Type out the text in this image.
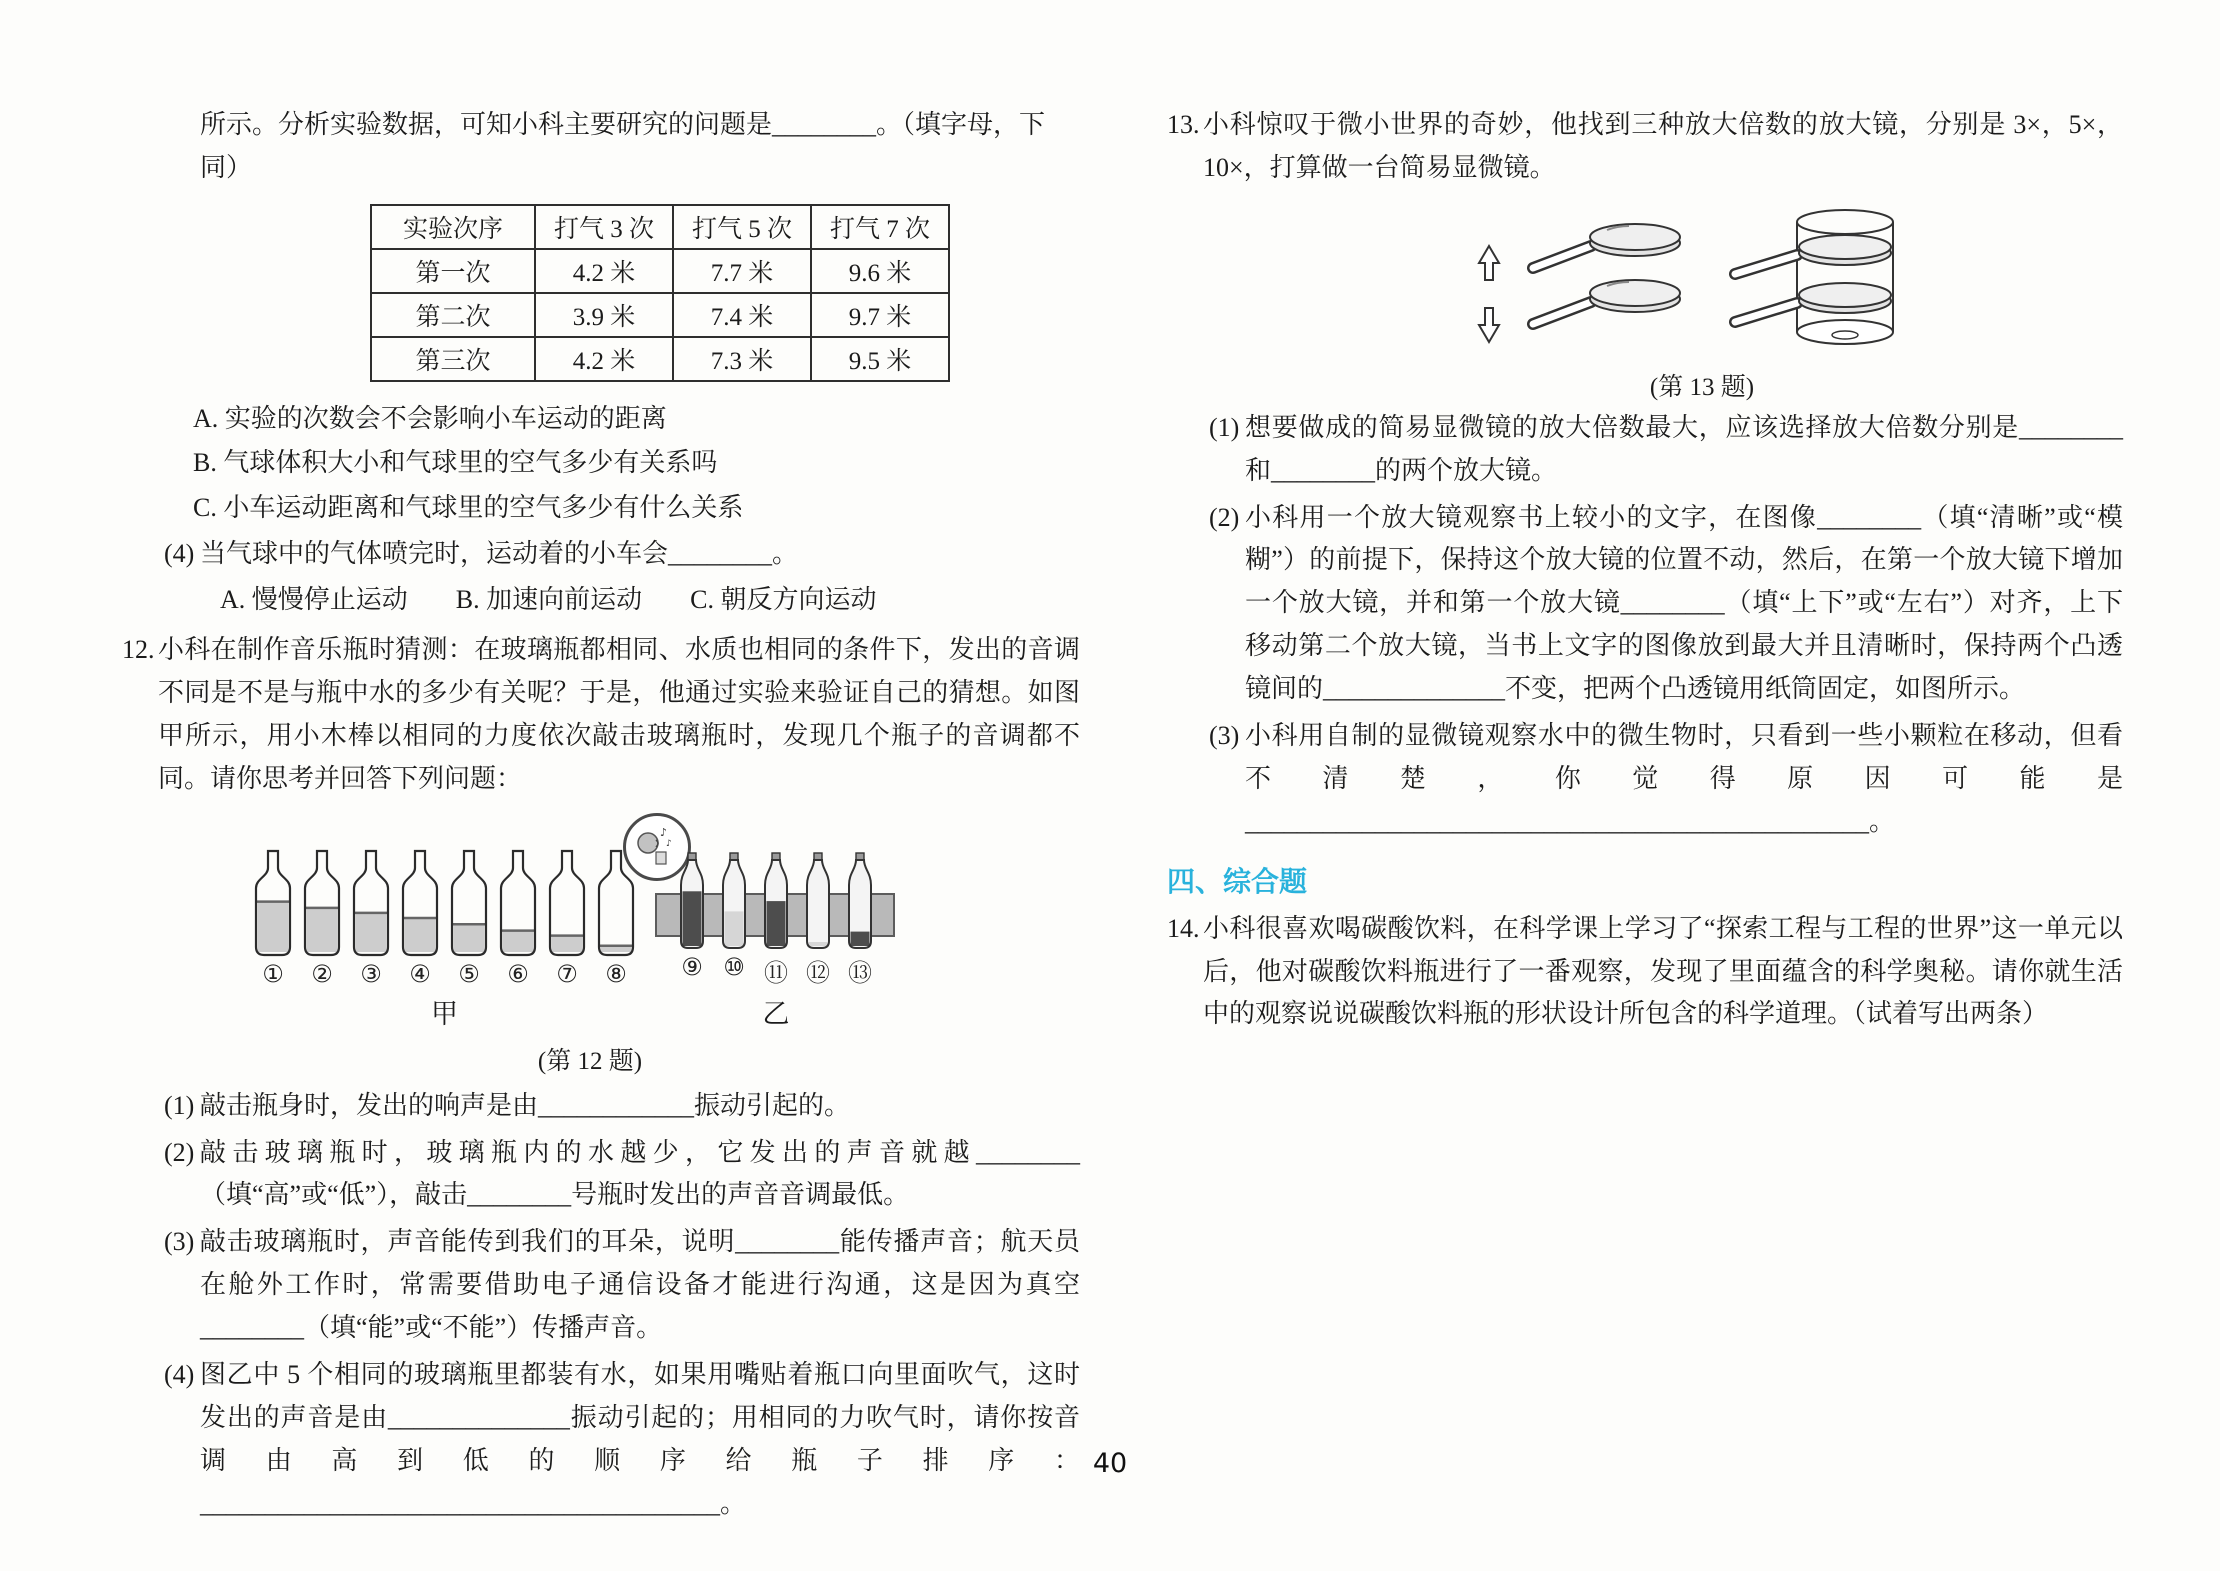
所示。分析实验数据，可知小科主要研究的问题是________。（填字母，下同）
实验次序	打气 3 次	打气 5 次	打气 7 次
第一次	4.2 米	7.7 米	9.6 米
第二次	3.9 米	7.4 米	9.7 米
第三次	4.2 米	7.3 米	9.5 米
A. 实验的次数会不会影响小车运动的距离
B. 气球体积大小和气球里的空气多少有关系吗
C. 小车运动距离和气球里的空气多少有什么关系
(4) 当气球中的气体喷完时，运动着的小车会________。
A. 慢慢停止运动 B. 加速向前运动 C. 朝反方向运动
12. 小科在制作音乐瓶时猜测：在玻璃瓶都相同、水质也相同的条件下，发出的音调不同是不是与瓶中水的多少有关呢？于是，他通过实验来验证自己的猜想。如图甲所示，用小木棒以相同的力度依次敲击玻璃瓶时，发现几个瓶子的音调都不同。请你思考并回答下列问题：
①	②	③	④	⑤	⑥	⑦	⑧
甲
♪
♪
⑨ ⑩ ⑪ ⑫ ⑬
乙
(第 12 题)
(1) 敲击瓶身时，发出的响声是由____________振动引起的。
(2) 敲击玻璃瓶时，玻璃瓶内的水越少，它发出的声音就越________（填“高”或“低”），敲击________号瓶时发出的声音音调最低。
(3) 敲击玻璃瓶时，声音能传到我们的耳朵，说明________能传播声音；航天员在舱外工作时，常需要借助电子通信设备才能进行沟通，这是因为真空________（填“能”或“不能”）传播声音。
(4) 图乙中 5 个相同的玻璃瓶里都装有水，如果用嘴贴着瓶口向里面吹气，这时发出的声音是由______________振动引起的；用相同的力吹气时，请你按音调由高到低的顺序给瓶子排序：________________________________________。
13. 小科惊叹于微小世界的奇妙，他找到三种放大倍数的放大镜，分别是 3×，5×，10×，打算做一台简易显微镜。
(第 13 题)
(1) 想要做成的简易显微镜的放大倍数最大，应该选择放大倍数分别是________和________的两个放大镜。
(2) 小科用一个放大镜观察书上较小的文字，在图像________（填“清晰”或“模糊”）的前提下，保持这个放大镜的位置不动，然后，在第一个放大镜下增加一个放大镜，并和第一个放大镜________（填“上下”或“左右”）对齐，上下移动第二个放大镜，当书上文字的图像放到最大并且清晰时，保持两个凸透镜间的______________不变，把两个凸透镜用纸筒固定，如图所示。
(3) 小科用自制的显微镜观察水中的微生物时，只看到一些小颗粒在移动，但看不清楚，你觉得原因可能是________________________________________________。
四、综合题
14. 小科很喜欢喝碳酸饮料，在科学课上学习了“探索工程与工程的世界”这一单元以后，他对碳酸饮料瓶进行了一番观察，发现了里面蕴含的科学奥秘。请你就生活中的观察说说碳酸饮料瓶的形状设计所包含的科学道理。（试着写出两条）
40
